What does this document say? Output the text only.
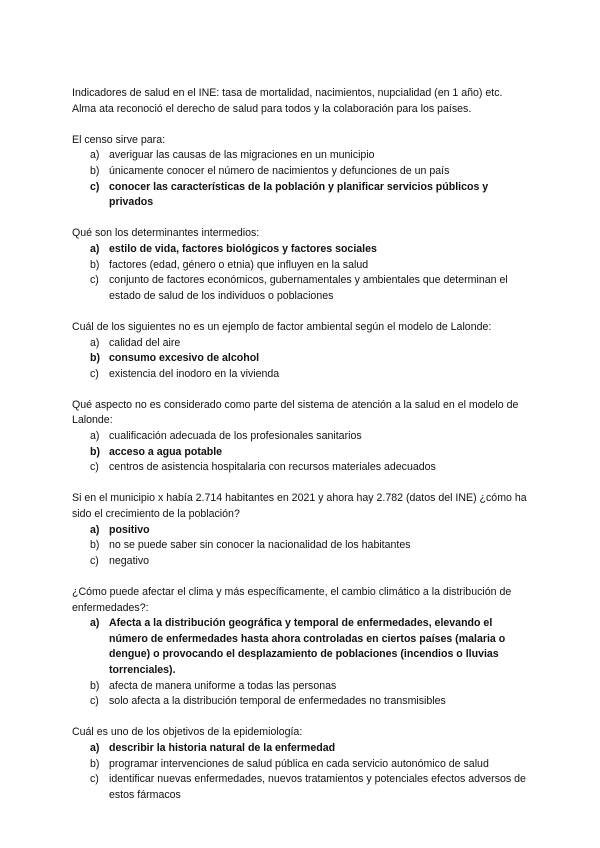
Indicadores de salud en el INE: tasa de mortalidad, nacimientos, nupcialidad (en 1 año) etc.

Alma ata reconoció el derecho de salud para todos y la colaboración para los países.

El censo sirve para:

a) averiguar las causas de las migraciones en un municipio
b) únicamente conocer el número de nacimientos y defunciones de un país
c) conocer las características de la población y planificar servicios públicos y privados

Qué son los determinantes intermedios:

a) estilo de vida, factores biológicos y factores sociales
b) factores (edad, género o etnia) que influyen en la salud
c) conjunto de factores económicos, gubernamentales y ambientales que determinan el estado de salud de los individuos o poblaciones

Cuál de los siguientes no es un ejemplo de factor ambiental según el modelo de Lalonde:

a) calidad del aire
b) consumo excesivo de alcohol
c) existencia del inodoro en la vivienda

Qué aspecto no es considerado como parte del sistema de atención a la salud en el modelo de Lalonde:

a) cualificación adecuada de los profesionales sanitarios
b) acceso a agua potable
c) centros de asistencia hospitalaria con recursos materiales adecuados

Si en el municipio x había 2.714 habitantes en 2021 y ahora hay 2.782 (datos del INE) ¿cómo ha sido el crecimiento de la población?

a) positivo
b) no se puede saber sin conocer la nacionalidad de los habitantes
c) negativo

¿Cómo puede afectar el clima y más específicamente, el cambio climático a la distribución de enfermedades?:

a) Afecta a la distribución geográfica y temporal de enfermedades, elevando el número de enfermedades hasta ahora controladas en ciertos países (malaria o dengue) o provocando el desplazamiento de poblaciones (incendios o lluvias torrenciales).
b) afecta de manera uniforme a todas las personas
c) solo afecta a la distribución temporal de enfermedades no transmisibles

Cuál es uno de los objetivos de la epidemiología:

a) describir la historia natural de la enfermedad
b) programar intervenciones de salud pública en cada servicio autonómico de salud
c) identificar nuevas enfermedades, nuevos tratamientos y potenciales efectos adversos de estos fármacos
